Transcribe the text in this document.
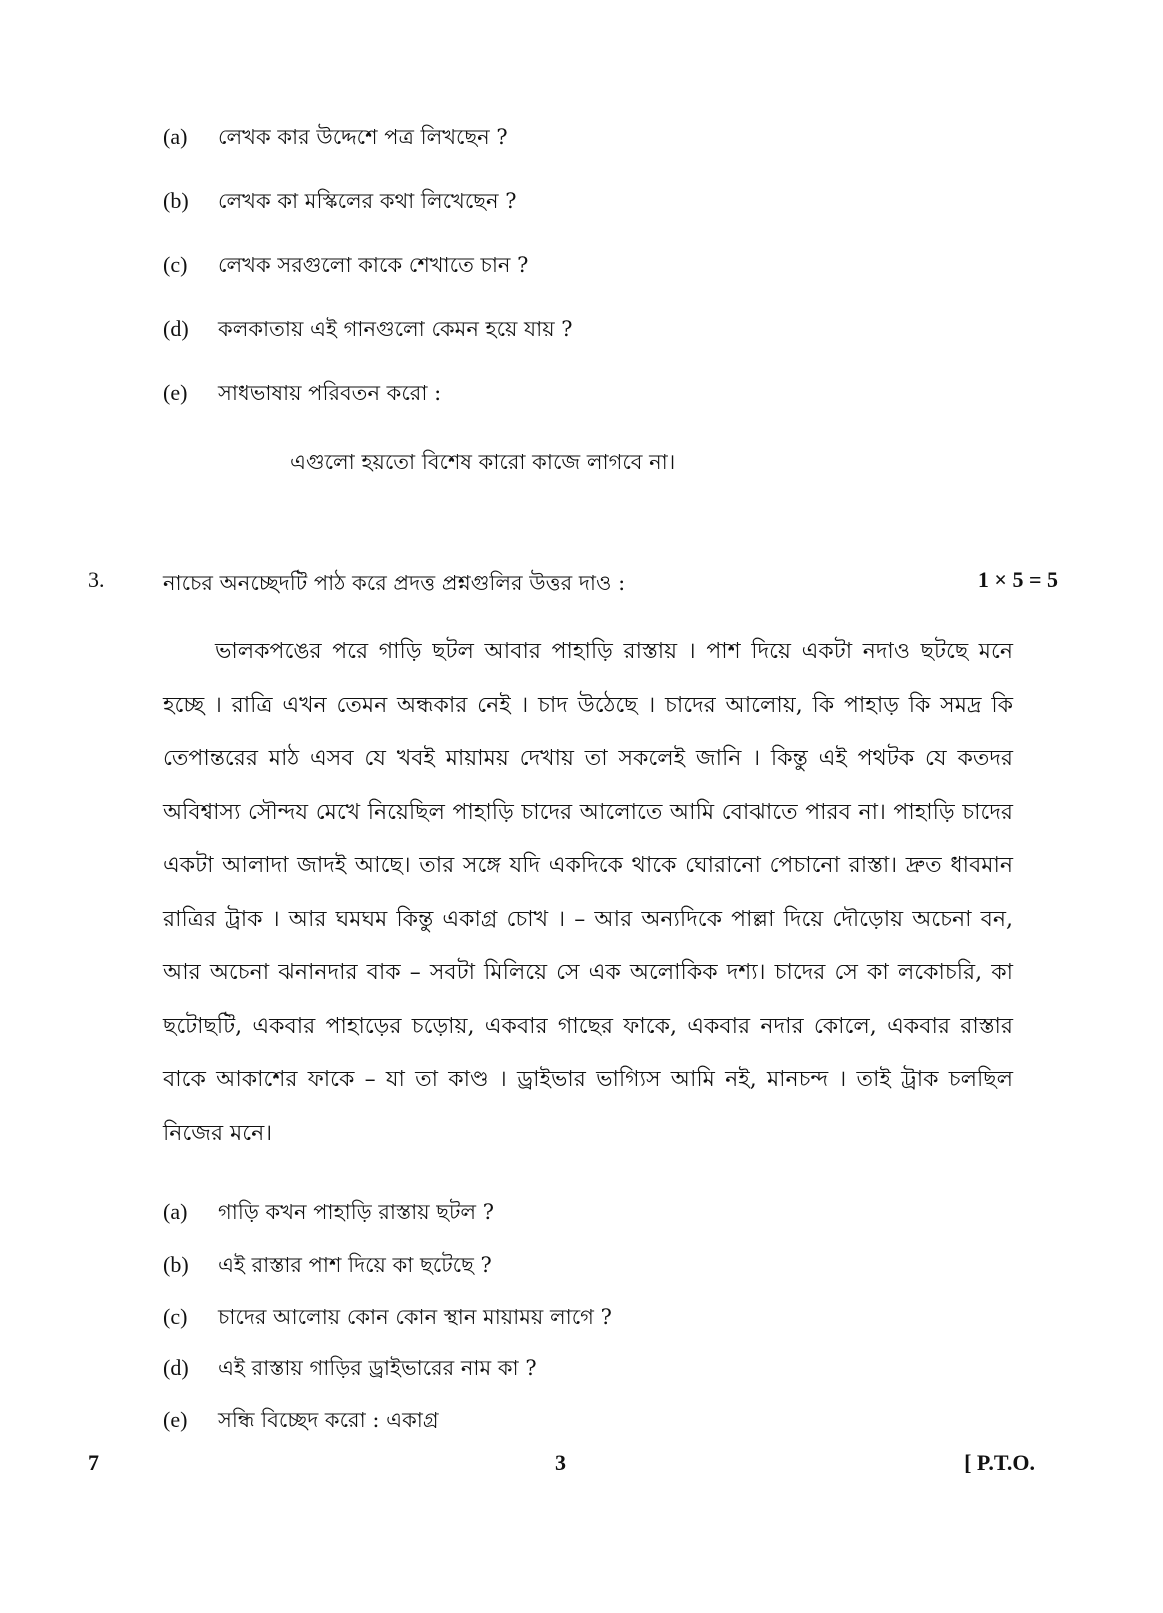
(a) লেখক কার উদ্দেশে পত্র লিখছেন ?
(b) লেখক কা মস্কিলের কথা লিখেছেন ?
(c) লেখক সরগুলো কাকে শেখাতে চান ?
(d) কলকাতায় এই গানগুলো কেমন হয়ে যায় ?
(e) সাধভাষায় পরিবতন করো :
এগুলো হয়তো বিশেষ কারো কাজে লাগবে না।
3.	নাচের অনচ্ছেদটি পাঠ করে প্রদত্ত প্রশ্নগুলির উত্তর দাও :	1 × 5 = 5

ভালকপঙের পরে গাড়ি ছটল আবার পাহাড়ি রাস্তায় । পাশ দিয়ে একটা নদাও ছটছে মনে হচ্ছে । রাত্রি এখন তেমন অন্ধকার নেই । চাদ উঠেছে । চাদের আলোয়, কি পাহাড় কি সমদ্র কি তেপান্তরের মাঠ এসব যে খবই মায়াময় দেখায় তা সকলেই জানি । কিন্তু এই পথটক যে কতদর অবিশ্বাস্য সৌন্দয মেখে নিয়েছিল পাহাড়ি চাদের আলোতে আমি বোঝাতে পারব না। পাহাড়ি চাদের একটা আলাদা জাদই আছে। তার সঙ্গে যদি একদিকে থাকে ঘোরানো পেচানো রাস্তা। দ্রুত ধাবমান রাত্রির ট্রাক । আর ঘমঘম কিন্তু একাগ্র চোখ । – আর অন্যদিকে পাল্লা দিয়ে দৌড়োয় অচেনা বন, আর অচেনা ঝনানদার বাক – সবটা মিলিয়ে সে এক অলোকিক দশ্য। চাদের সে কা লকোচরি, কা ছটোছটি, একবার পাহাড়ের চড়োয়, একবার গাছের ফাকে, একবার নদার কোলে, একবার রাস্তার বাকে আকাশের ফাকে – যা তা কাণ্ড । ড্রাইভার ভাগ্যিস আমি নই, মানচন্দ । তাই ট্রাক চলছিল নিজের মনে।

(a) গাড়ি কখন পাহাড়ি রাস্তায় ছটল ?
(b) এই রাস্তার পাশ দিয়ে কা ছটেছে ?
(c) চাদের আলোয় কোন কোন স্থান মায়াময় লাগে ?
(d) এই রাস্তায় গাড়ির ড্রাইভারের নাম কা ?
(e) সন্ধি বিচ্ছেদ করো : একাগ্র
7	3	[ P.T.O.
